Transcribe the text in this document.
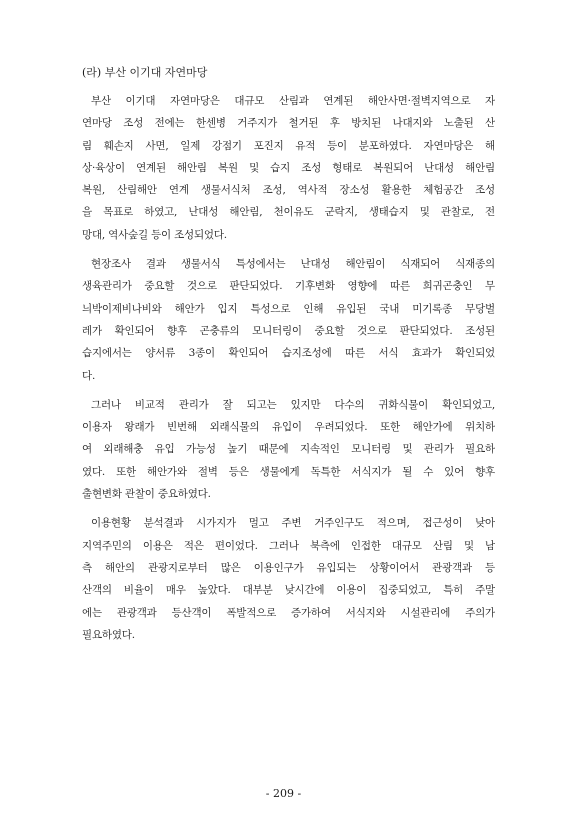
(라) 부산 이기대 자연마당

부산 이기대 자연마당은 대규모 산림과 연계된 해안사면·절벽지역으로 자
연마당 조성 전에는 한센병 거주지가 철거된 후 방치된 나대지와 노출된 산
림 훼손지 사면, 일제 강점기 포진지 유적 등이 분포하였다. 자연마당은 해
상·육상이 연계된 해안림 복원 및 습지 조성 형태로 복원되어 난대성 해안림
복원, 산림해안 연계 생물서식처 조성, 역사적 장소성 활용한 체험공간 조성
을 목표로 하였고, 난대성 해안림, 천이유도 군락지, 생태습지 및 관찰로, 전
망대, 역사숲길 등이 조성되었다.

현장조사 결과 생물서식 특성에서는 난대성 해안림이 식재되어 식재종의
생육관리가 중요할 것으로 판단되었다. 기후변화 영향에 따른 희귀곤충인 무
늬박이제비나비와 해안가 입지 특성으로 인해 유입된 국내 미기록종 무당벌
레가 확인되어 향후 곤충류의 모니터링이 중요할 것으로 판단되었다. 조성된
습지에서는 양서류 3종이 확인되어 습지조성에 따른 서식 효과가 확인되었
다.

그러나 비교적 관리가 잘 되고는 있지만 다수의 귀화식물이 확인되었고,
이용자 왕래가 빈번해 외래식물의 유입이 우려되었다. 또한 해안가에 위치하
여 외래해충 유입 가능성 높기 때문에 지속적인 모니터링 및 관리가 필요하
였다. 또한 해안가와 절벽 등은 생물에게 독특한 서식지가 될 수 있어 향후
출현변화 관찰이 중요하였다.

이용현황 분석결과 시가지가 멀고 주변 거주인구도 적으며, 접근성이 낮아
지역주민의 이용은 적은 편이었다. 그러나 북측에 인접한 대규모 산림 및 남
측 해안의 관광지로부터 많은 이용인구가 유입되는 상황이어서 관광객과 등
산객의 비율이 매우 높았다. 대부분 낮시간에 이용이 집중되었고, 특히 주말
에는 관광객과 등산객이 폭발적으로 증가하여 서식지와 시설관리에 주의가
필요하였다.

- 209 -
